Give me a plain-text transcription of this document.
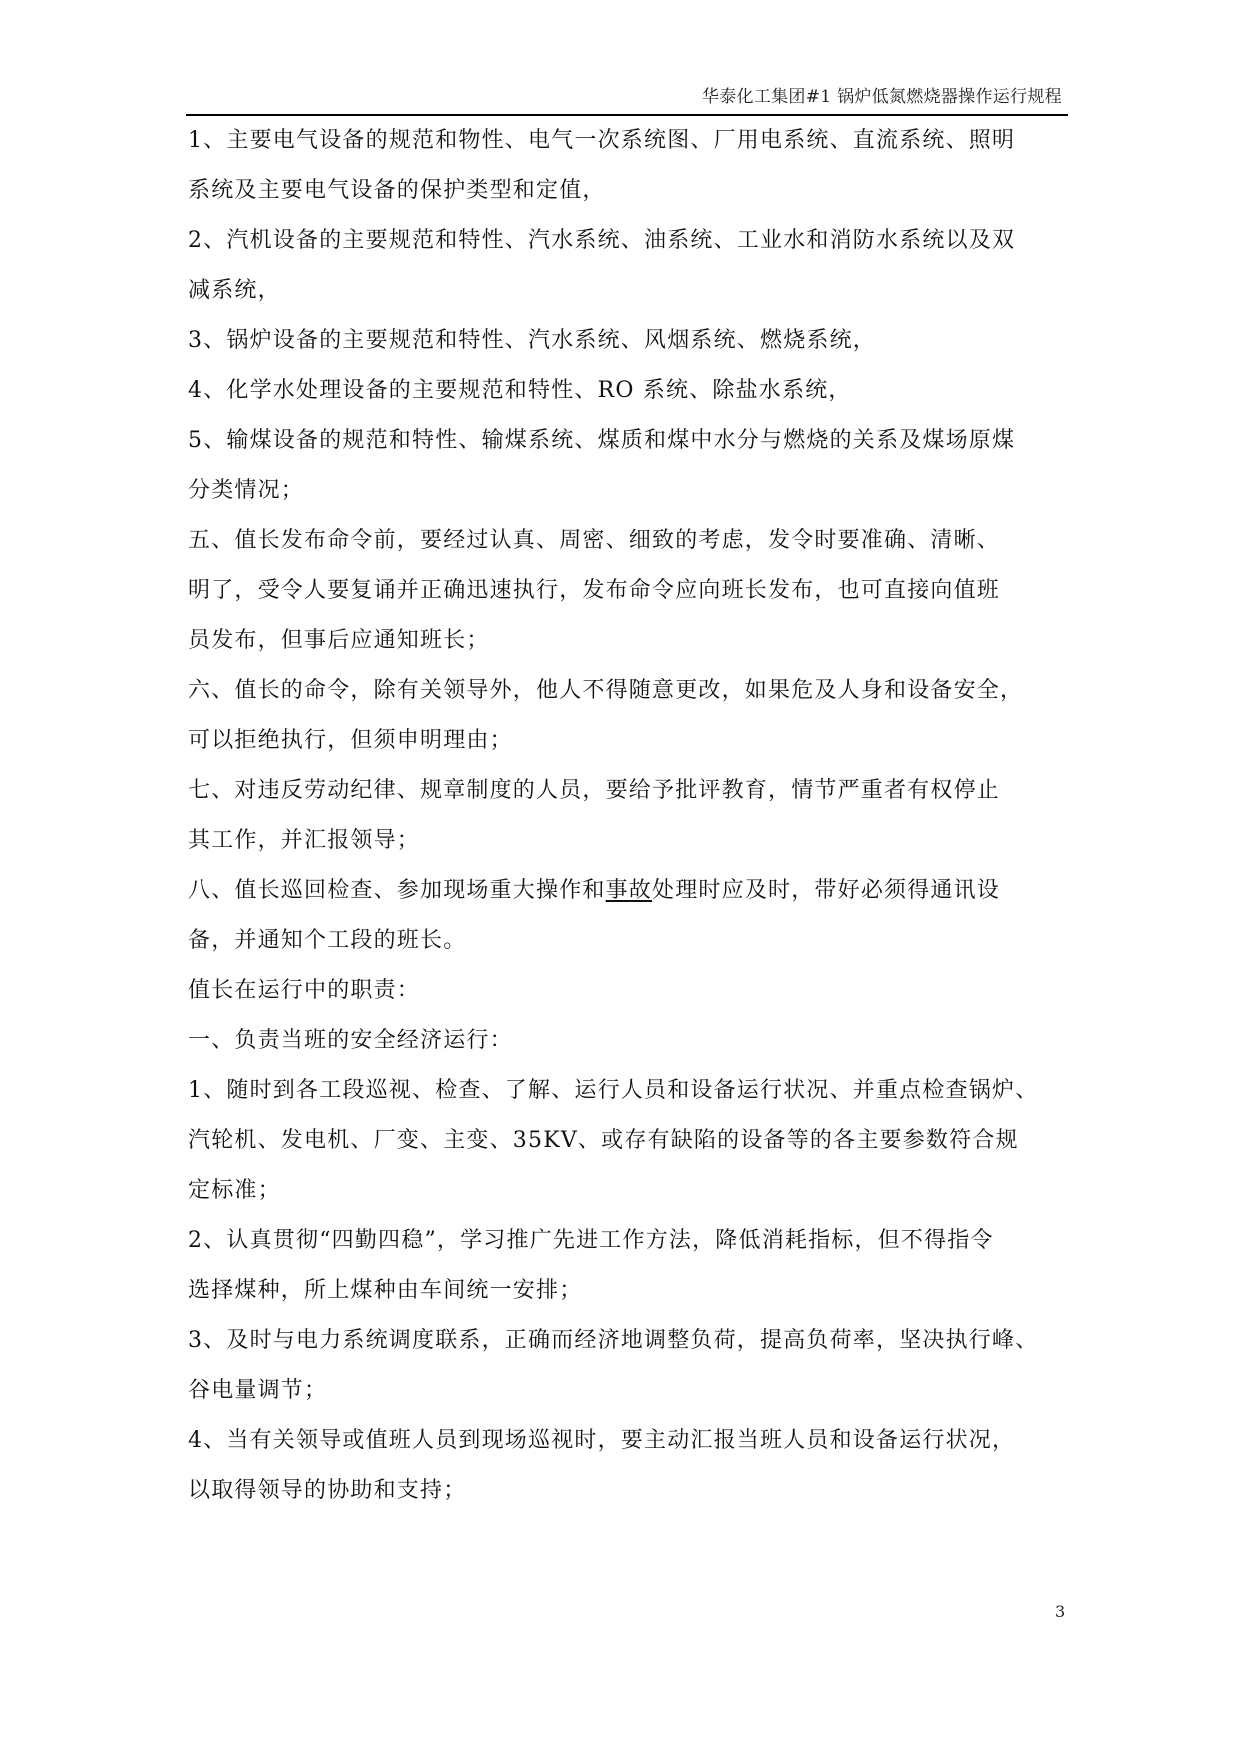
华泰化工集团#1 锅炉低氮燃烧器操作运行规程

1、主要电气设备的规范和物性、电气一次系统图、厂用电系统、直流系统、照明
系统及主要电气设备的保护类型和定值，

2、汽机设备的主要规范和特性、汽水系统、油系统、工业水和消防水系统以及双
减系统，

3、锅炉设备的主要规范和特性、汽水系统、风烟系统、燃烧系统，

4、化学水处理设备的主要规范和特性、RO 系统、除盐水系统，

5、输煤设备的规范和特性、输煤系统、煤质和煤中水分与燃烧的关系及煤场原煤
分类情况；

五、值长发布命令前，要经过认真、周密、细致的考虑，发令时要准确、清晰、
明了，受令人要复诵并正确迅速执行，发布命令应向班长发布，也可直接向值班
员发布，但事后应通知班长；

六、值长的命令，除有关领导外，他人不得随意更改，如果危及人身和设备安全，
可以拒绝执行，但须申明理由；

七、对违反劳动纪律、规章制度的人员，要给予批评教育，情节严重者有权停止
其工作，并汇报领导；

八、值长巡回检查、参加现场重大操作和事故处理时应及时，带好必须得通讯设
备，并通知个工段的班长。

值长在运行中的职责：

一、负责当班的安全经济运行：

1、随时到各工段巡视、检查、了解、运行人员和设备运行状况、并重点检查锅炉、
汽轮机、发电机、厂变、主变、35KV、或存有缺陷的设备等的各主要参数符合规
定标准；

2、认真贯彻“四勤四稳”，学习推广先进工作方法，降低消耗指标，但不得指令
选择煤种，所上煤种由车间统一安排；

3、及时与电力系统调度联系，正确而经济地调整负荷，提高负荷率，坚决执行峰、
谷电量调节；

4、当有关领导或值班人员到现场巡视时，要主动汇报当班人员和设备运行状况，
以取得领导的协助和支持；

3
